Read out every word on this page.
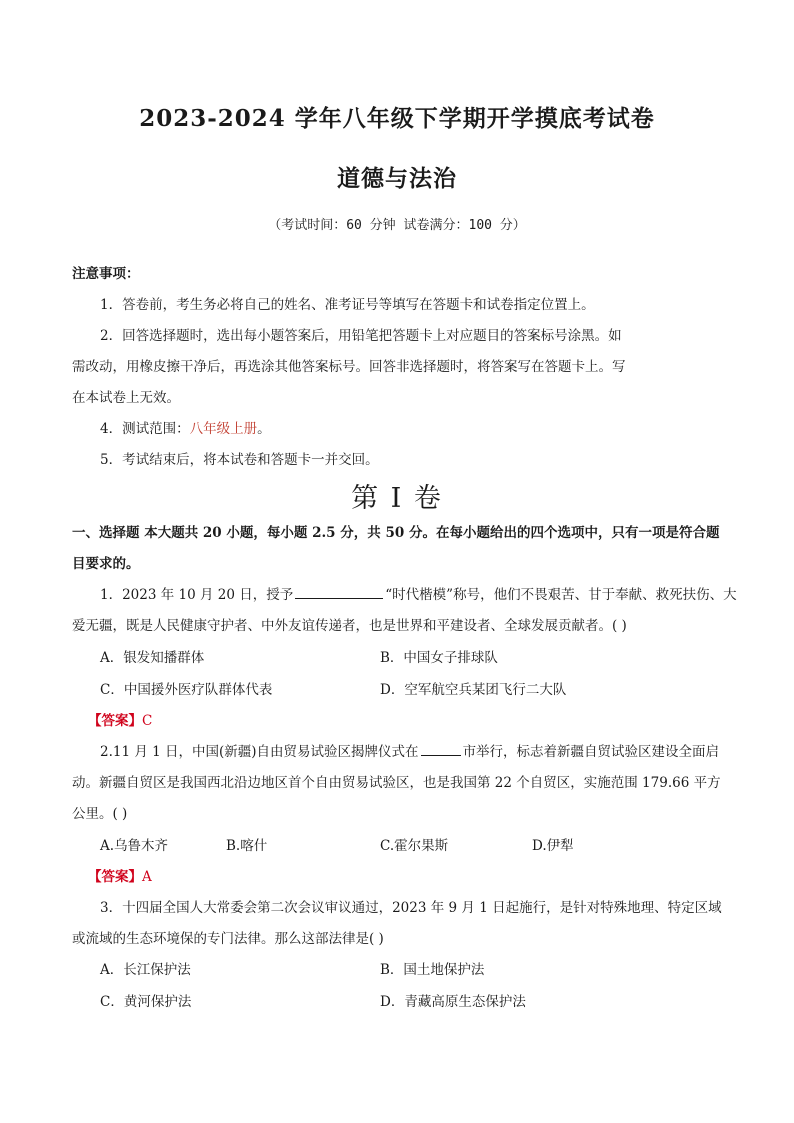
2023-2024 学年八年级下学期开学摸底考试卷
道德与法治
（考试时间：60 分钟 试卷满分：100 分）
注意事项：
1．答卷前，考生务必将自己的姓名、准考证号等填写在答题卡和试卷指定位置上。
2．回答选择题时，选出每小题答案后，用铅笔把答题卡上对应题目的答案标号涂黑。如
需改动，用橡皮擦干净后，再选涂其他答案标号。回答非选择题时，将答案写在答题卡上。写
在本试卷上无效。
4．测试范围：八年级上册。
5．考试结束后，将本试卷和答题卡一并交回。
第 I 卷
一、选择题 本大题共 20 小题，每小题 2.5 分，共 50 分。在每小题给出的四个选项中，只有一项是符合题
目要求的。
1．2023 年 10 月 20 日，授予	“时代楷模”称号，他们不畏艰苦、甘于奉献、救死扶伤、大
爱无疆，既是人民健康守护者、中外友谊传递者，也是世界和平建设者、全球发展贡献者。( )
A．银发知播群体	B．中国女子排球队
C．中国援外医疗队群体代表	D．空军航空兵某团飞行二大队
【答案】C
2.11 月 1 日，中国(新疆)自由贸易试验区揭牌仪式在	市举行，标志着新疆自贸试验区建设全面启
动。新疆自贸区是我国西北沿边地区首个自由贸易试验区，也是我国第 22 个自贸区，实施范围 179.66 平方
公里。( )
A.乌鲁木齐	B.喀什	C.霍尔果斯	D.伊犁
【答案】A
3．十四届全国人大常委会第二次会议审议通过，2023 年 9 月 1 日起施行，是针对特殊地理、特定区域
或流域的生态环境保的专门法律。那么这部法律是( )
A．长江保护法	B．国土地保护法
C．黄河保护法	D．青藏高原生态保护法
